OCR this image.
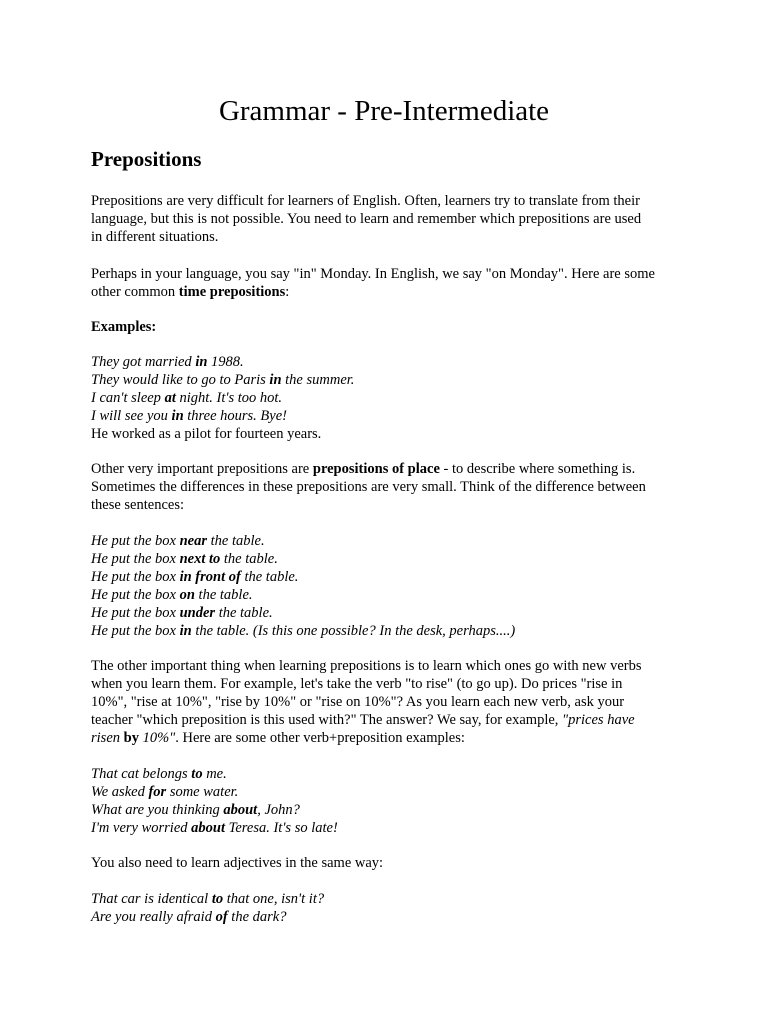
Grammar - Pre-Intermediate
Prepositions

Prepositions are very difficult for learners of English. Often, learners try to translate from their
language, but this is not possible. You need to learn and remember which prepositions are used
in different situations.

Perhaps in your language, you say "in" Monday. In English, we say "on Monday". Here are some
other common time prepositions:

Examples:

They got married in 1988.
They would like to go to Paris in the summer.
I can't sleep at night. It's too hot.
I will see you in three hours. Bye!
He worked as a pilot for fourteen years.

Other very important prepositions are prepositions of place - to describe where something is.
Sometimes the differences in these prepositions are very small. Think of the difference between
these sentences:

He put the box near the table.
He put the box next to the table.
He put the box in front of the table.
He put the box on the table.
He put the box under the table.
He put the box in the table. (Is this one possible? In the desk, perhaps....)

The other important thing when learning prepositions is to learn which ones go with new verbs
when you learn them. For example, let's take the verb "to rise" (to go up). Do prices "rise in
10%", "rise at 10%", "rise by 10%" or "rise on 10%"? As you learn each new verb, ask your
teacher "which preposition is this used with?" The answer? We say, for example, "prices have
risen by 10%". Here are some other verb+preposition examples:

That cat belongs to me.
We asked for some water.
What are you thinking about, John?
I'm very worried about Teresa. It's so late!

You also need to learn adjectives in the same way:

That car is identical to that one, isn't it?
Are you really afraid of the dark?
